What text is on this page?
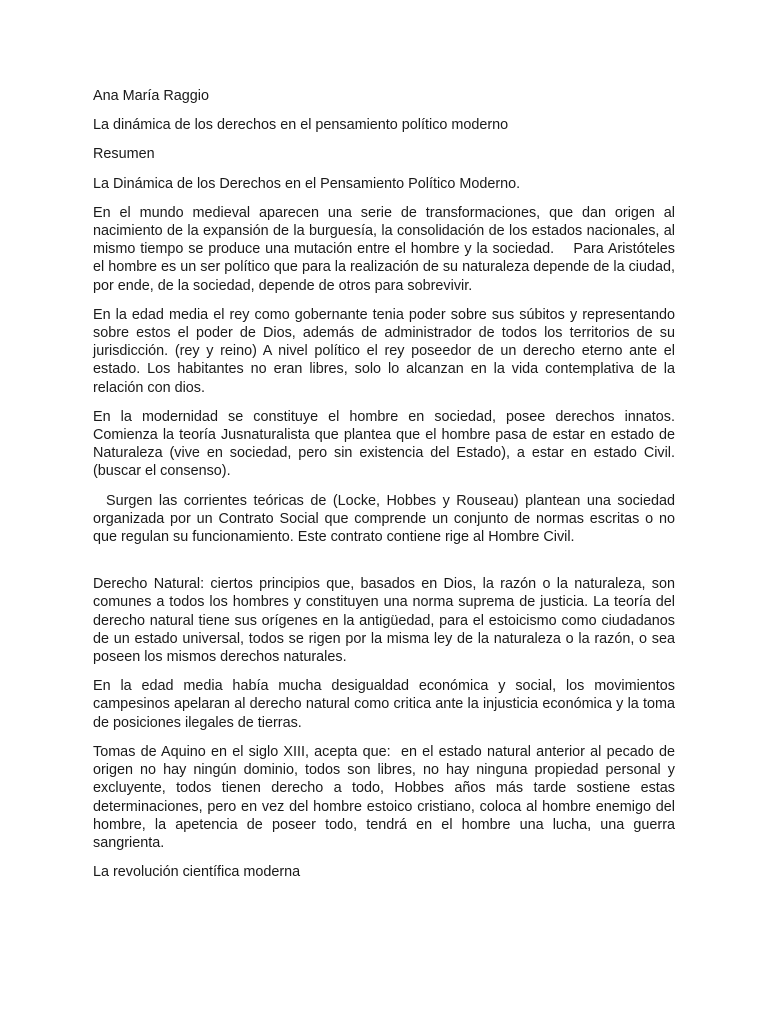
Ana María Raggio

La dinámica de los derechos en el pensamiento político moderno

Resumen

La Dinámica de los Derechos en el Pensamiento Político Moderno.

En el mundo medieval aparecen una serie de transformaciones, que dan origen al nacimiento de la expansión de la burguesía, la consolidación de los estados nacionales, al mismo tiempo se produce una mutación entre el hombre y la sociedad.    Para Aristóteles el hombre es un ser político que para la realización de su naturaleza depende de la ciudad, por ende, de la sociedad, depende de otros para sobrevivir.

En la edad media el rey como gobernante tenia poder sobre sus súbitos y representando sobre estos el poder de Dios, además de administrador de todos los territorios de su jurisdicción. (rey y reino) A nivel político el rey poseedor de un derecho eterno ante el estado. Los habitantes no eran libres, solo lo alcanzan en la vida contemplativa de la relación con dios.

En la modernidad se constituye el hombre en sociedad, posee derechos innatos. Comienza la teoría Jusnaturalista que plantea que el hombre pasa de estar en estado de Naturaleza (vive en sociedad, pero sin existencia del Estado), a estar en estado Civil. (buscar el consenso).

Surgen las corrientes teóricas de (Locke, Hobbes y Rouseau) plantean una sociedad organizada por un Contrato Social que comprende un conjunto de normas escritas o no que regulan su funcionamiento. Este contrato contiene rige al Hombre Civil.

Derecho Natural: ciertos principios que, basados en Dios, la razón o la naturaleza, son comunes a todos los hombres y constituyen una norma suprema de justicia. La teoría del derecho natural tiene sus orígenes en la antigüedad, para el estoicismo como ciudadanos de un estado universal, todos se rigen por la misma ley de la naturaleza o la razón, o sea poseen los mismos derechos naturales.

En la edad media había mucha desigualdad económica y social, los movimientos campesinos apelaran al derecho natural como critica ante la injusticia económica y la toma de posiciones ilegales de tierras.

Tomas de Aquino en el siglo XIII, acepta que:  en el estado natural anterior al pecado de origen no hay ningún dominio, todos son libres, no hay ninguna propiedad personal y excluyente, todos tienen derecho a todo, Hobbes años más tarde sostiene estas determinaciones, pero en vez del hombre estoico cristiano, coloca al hombre enemigo del hombre, la apetencia de poseer todo, tendrá en el hombre una lucha, una guerra sangrienta.

La revolución científica moderna
